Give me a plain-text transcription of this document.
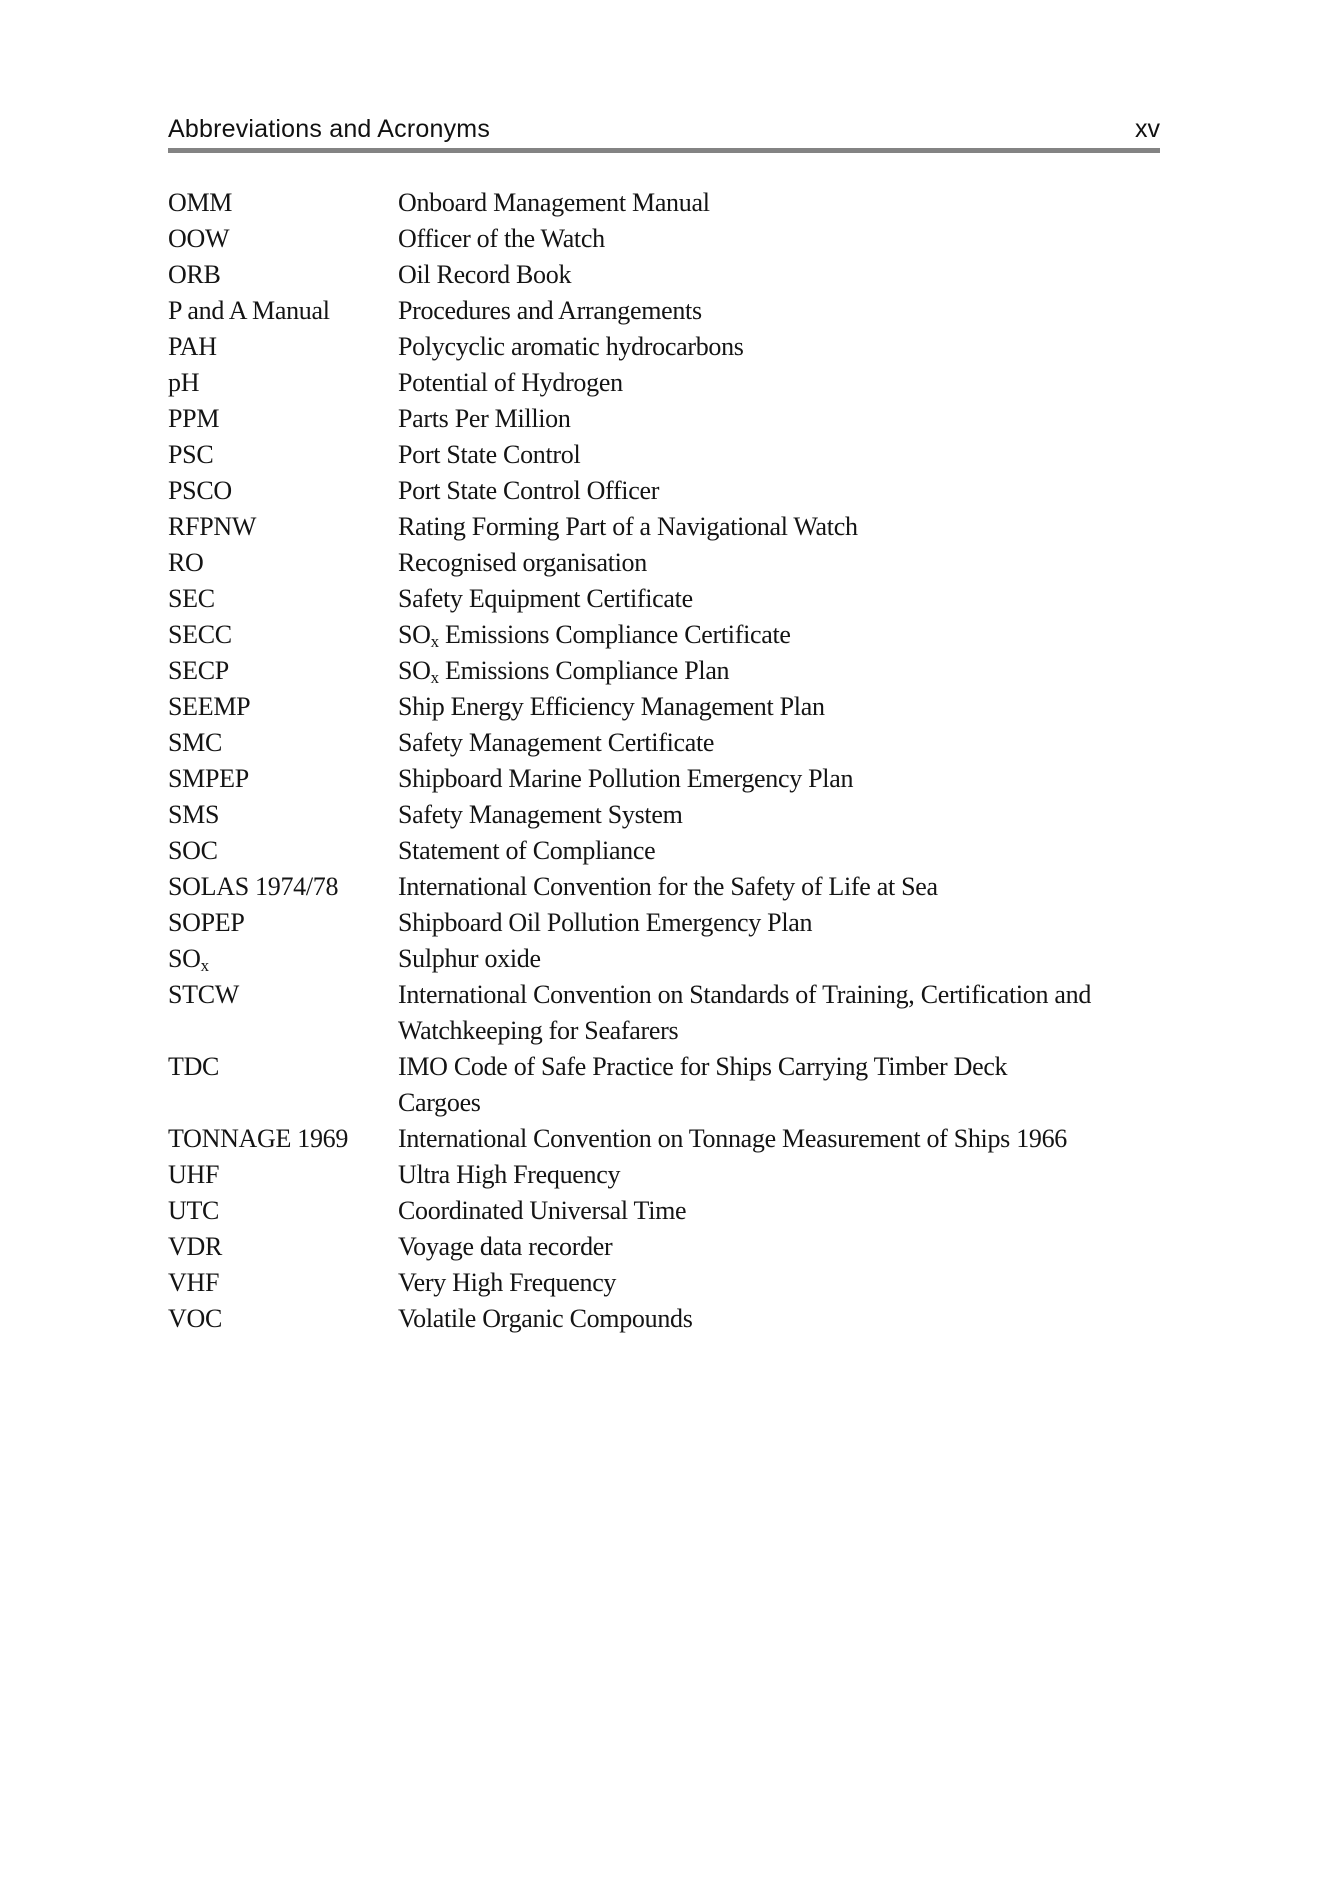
Abbreviations and Acronyms	xv
OMM	Onboard Management Manual
OOW	Officer of the Watch
ORB	Oil Record Book
P and A Manual	Procedures and Arrangements
PAH	Polycyclic aromatic hydrocarbons
pH	Potential of Hydrogen
PPM	Parts Per Million
PSC	Port State Control
PSCO	Port State Control Officer
RFPNW	Rating Forming Part of a Navigational Watch
RO	Recognised organisation
SEC	Safety Equipment Certificate
SECC	$SO_x$ Emissions Compliance Certificate
SECP	$SO_x$ Emissions Compliance Plan
SEEMP	Ship Energy Efficiency Management Plan
SMC	Safety Management Certificate
SMPEP	Shipboard Marine Pollution Emergency Plan
SMS	Safety Management System
SOC	Statement of Compliance
SOLAS 1974/78	International Convention for the Safety of Life at Sea
SOPEP	Shipboard Oil Pollution Emergency Plan
$SO_x$	Sulphur oxide
STCW	International Convention on Standards of Training, Certification and
Watchkeeping for Seafarers
TDC	IMO Code of Safe Practice for Ships Carrying Timber Deck
Cargoes
TONNAGE 1969	International Convention on Tonnage Measurement of Ships 1966
UHF	Ultra High Frequency
UTC	Coordinated Universal Time
VDR	Voyage data recorder
VHF	Very High Frequency
VOC	Volatile Organic Compounds
